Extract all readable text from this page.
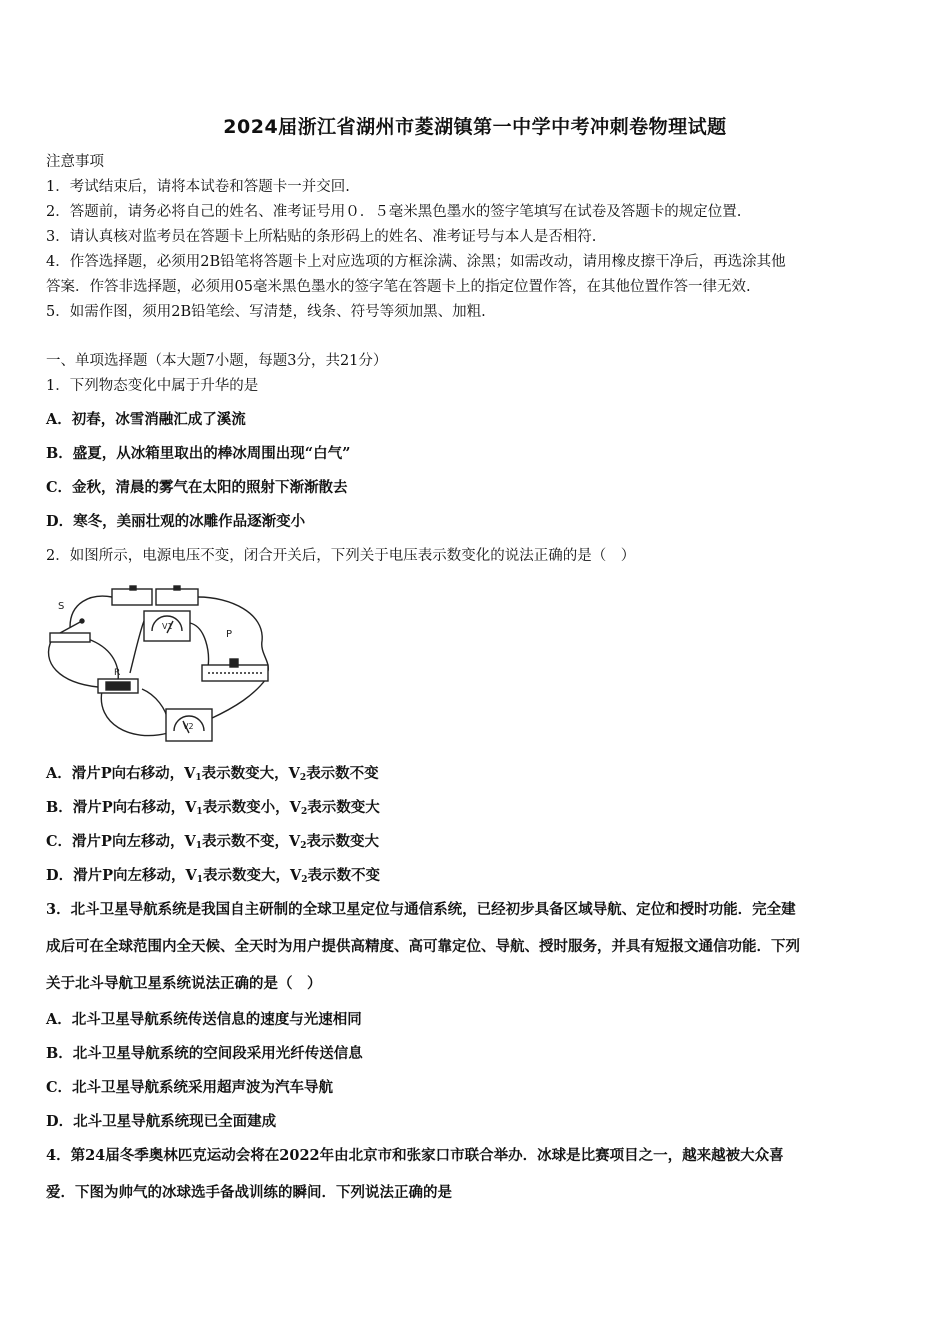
2024届浙江省湖州市菱湖镇第一中学中考冲刺卷物理试题
注意事项
1．考试结束后，请将本试卷和答题卡一并交回.
2．答题前，请务必将自己的姓名、准考证号用０．５毫米黑色墨水的签字笔填写在试卷及答题卡的规定位置.
3．请认真核对监考员在答题卡上所粘贴的条形码上的姓名、准考证号与本人是否相符.
4．作答选择题，必须用2B铅笔将答题卡上对应选项的方框涂满、涂黑；如需改动，请用橡皮擦干净后，再选涂其他
答案．作答非选择题，必须用05毫米黑色墨水的签字笔在答题卡上的指定位置作答，在其他位置作答一律无效.
5．如需作图，须用2B铅笔绘、写清楚，线条、符号等须加黑、加粗.
一、单项选择题（本大题7小题，每题3分，共21分）
1．下列物态变化中属于升华的是
A．初春，冰雪消融汇成了溪流
B．盛夏，从冰箱里取出的棒冰周围出现“白气”
C．金秋，清晨的雾气在太阳的照射下渐渐散去
D．寒冬，美丽壮观的冰雕作品逐渐变小
2．如图所示，电源电压不变，闭合开关后，下列关于电压表示数变化的说法正确的是（　）
S
R
P
V1
V2
A．滑片P向右移动，$V_1$表示数变大，$V_2$表示数不变
B．滑片P向右移动，$V_1$表示数变小，$V_2$表示数变大
C．滑片P向左移动，$V_1$表示数不变，$V_2$表示数变大
D．滑片P向左移动，$V_1$表示数变大，$V_2$表示数不变
3．北斗卫星导航系统是我国自主研制的全球卫星定位与通信系统，已经初步具备区域导航、定位和授时功能．完全建
成后可在全球范围内全天候、全天时为用户提供高精度、高可靠定位、导航、授时服务，并具有短报文通信功能．下列
关于北斗导航卫星系统说法正确的是（　）
A．北斗卫星导航系统传送信息的速度与光速相同
B．北斗卫星导航系统的空间段采用光纤传送信息
C．北斗卫星导航系统采用超声波为汽车导航
D．北斗卫星导航系统现已全面建成
4．第24届冬季奥林匹克运动会将在2022年由北京市和张家口市联合举办．冰球是比赛项目之一，越来越被大众喜
爱．下图为帅气的冰球选手备战训练的瞬间．下列说法正确的是
